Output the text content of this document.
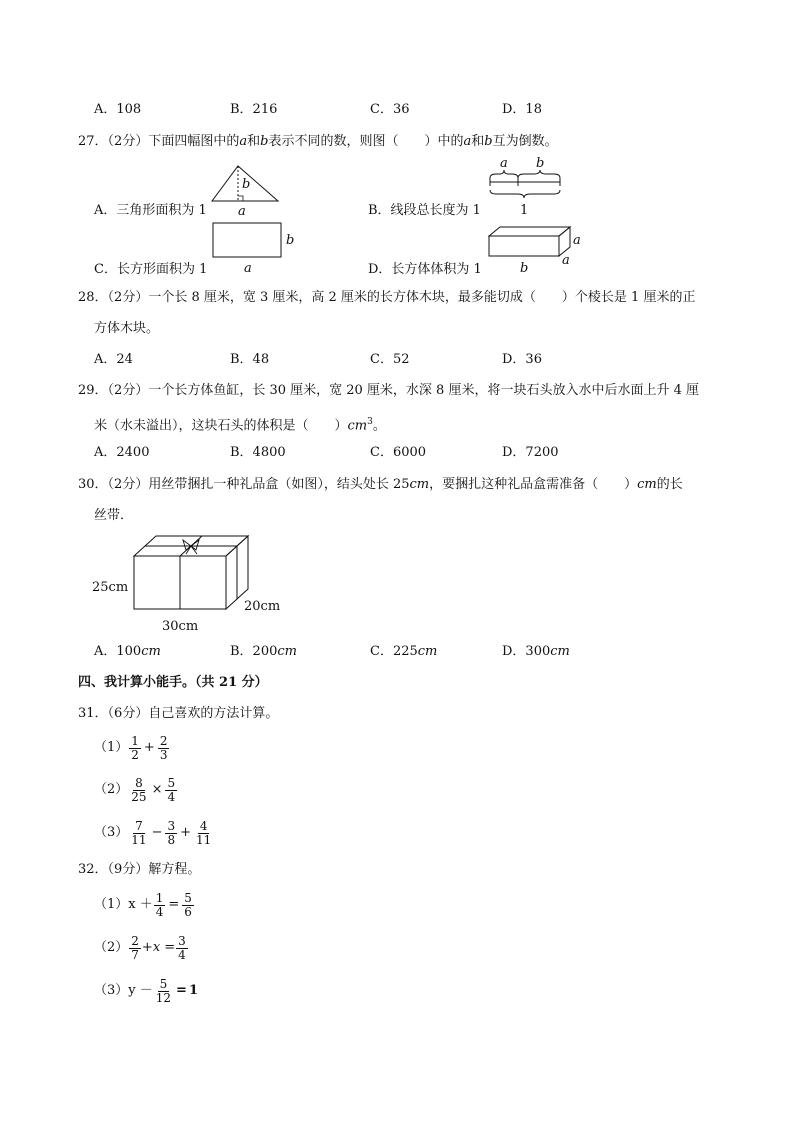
A．108	B．216	C．36	D．18
27．（2分）下面四幅图中的a和b表示不同的数，则图（　　）中的a和b互为倒数。
A．三角形面积为 1
b
a	B．线段总长度为 1
a b
1
C．长方形面积为 1
b
a	D．长方体体积为 1
a
a
b
28．（2分）一个长 8 厘米，宽 3 厘米，高 2 厘米的长方体木块，最多能切成（　　）个棱长是 1 厘米的正
方体木块。
A．24	B．48	C．52	D．36
29．（2分）一个长方体鱼缸，长 30 厘米，宽 20 厘米，水深 8 厘米，将一块石头放入水中后水面上升 4 厘
米（水未溢出），这块石头的体积是（　　）$cm^3$。
A．2400	B．4800	C．6000	D．7200
30．（2分）用丝带捆扎一种礼品盒（如图），结头处长 25cm，要捆扎这种礼品盒需准备（　　）cm的长
丝带．
25cm
20cm
30cm
A．100cm	B．200cm	C．225cm	D．300cm
四、我计算小能手。（共 21 分）
31．（6分）自己喜欢的方法计算。
$(1) \frac{1}{2} + \frac{2}{3}$
$(2) \frac{8}{25} \times \frac{5}{4}$
$(3) \frac{7}{11} - \frac{3}{8} + \frac{4}{11}$
32．（9分）解方程。
（1） $x + \frac{1}{4} = \frac{5}{6}$
$(2) \frac{2}{7} +x = \frac{3}{4}$
（3） $y - \frac{5}{12} = 1$
